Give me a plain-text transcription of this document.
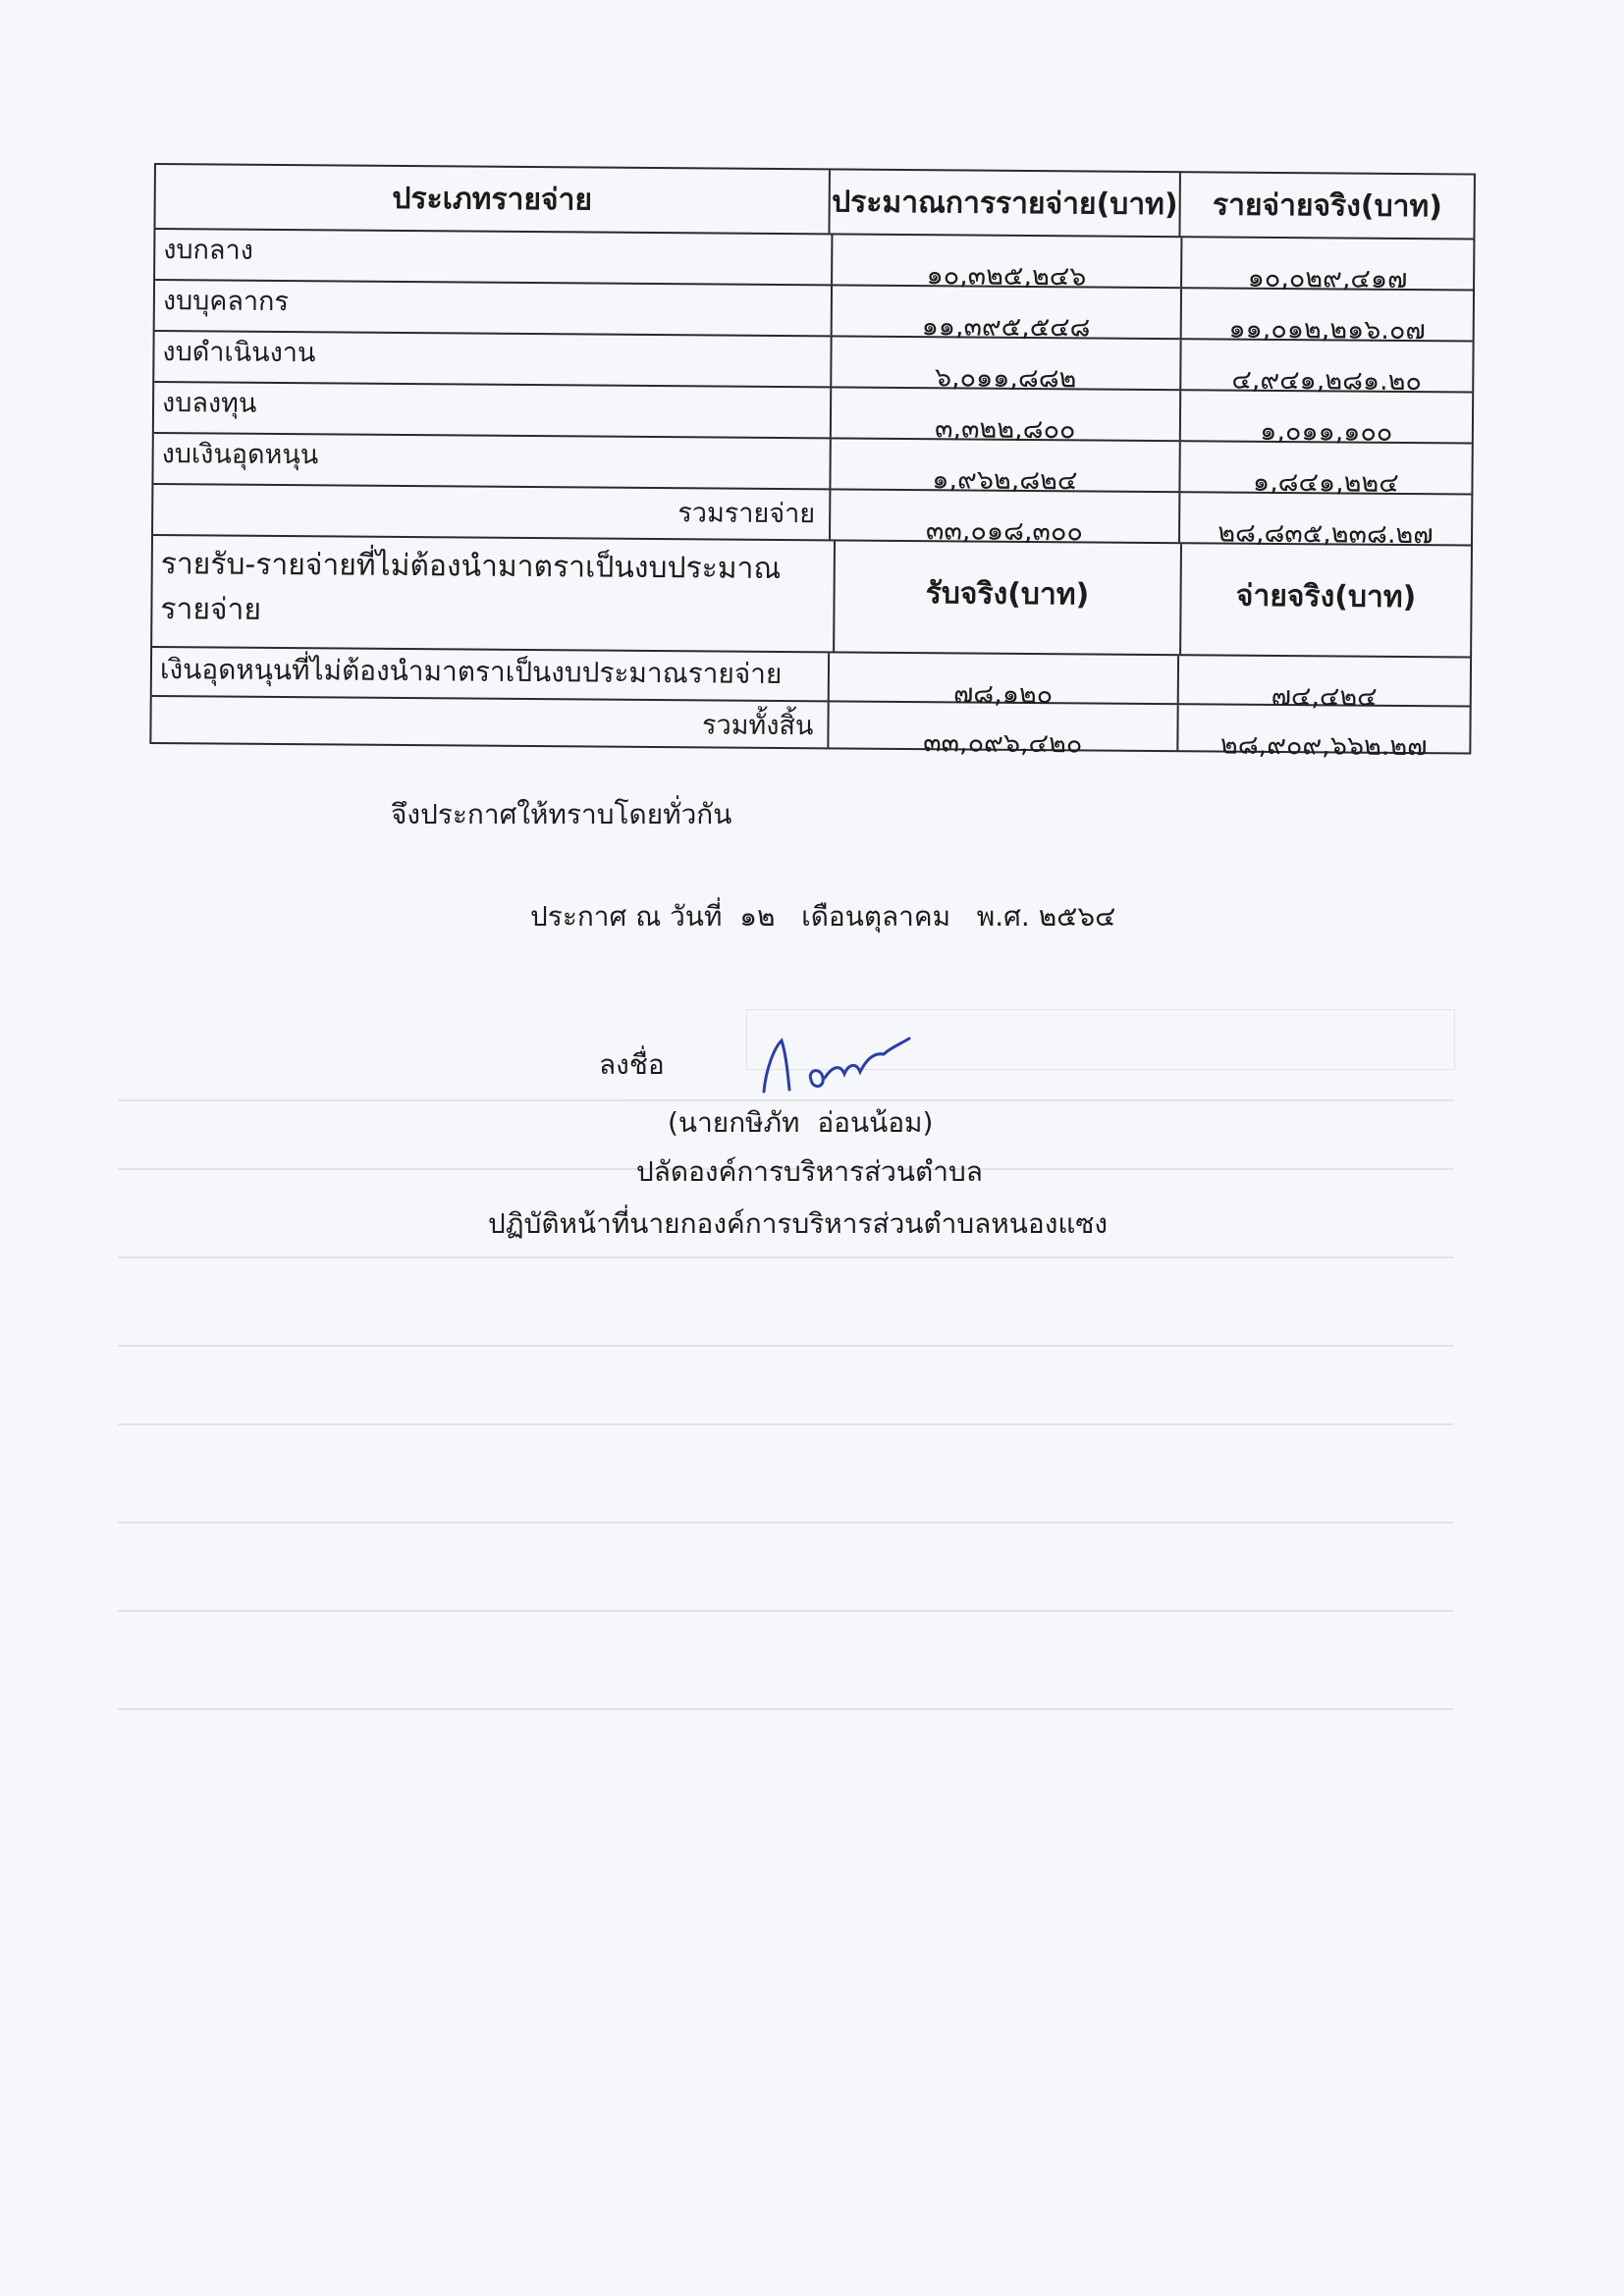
ประเภทรายจ่าย	ประมาณการรายจ่าย(บาท)	รายจ่ายจริง(บาท)
งบกลาง
๑๐,๓๒๕,๒๔๖	๑๐,๐๒๙,๔๑๗
งบบุคลากร
๑๑,๓๙๕,๕๔๘	๑๑,๐๑๒,๒๑๖.๐๗
งบดำเนินงาน
๖,๐๑๑,๘๘๒	๔,๙๔๑,๒๘๑.๒๐
งบลงทุน
๓,๓๒๒,๘๐๐	๑,๐๑๑,๑๐๐
งบเงินอุดหนุน
๑,๙๖๒,๘๒๔	๑,๘๔๑,๒๒๔
รวมรายจ่าย
๓๓,๐๑๘,๓๐๐	๒๘,๘๓๕,๒๓๘.๒๗
รายรับ-รายจ่ายที่ไม่ต้องนำมาตราเป็นงบประมาณรายจ่าย	รับจริง(บาท)	จ่ายจริง(บาท)
เงินอุดหนุนที่ไม่ต้องนำมาตราเป็นงบประมาณรายจ่าย
๗๘,๑๒๐	๗๔,๔๒๔
รวมทั้งสิ้น
๓๓,๐๙๖,๔๒๐	๒๘,๙๐๙,๖๖๒.๒๗
จึงประกาศให้ทราบโดยทั่วกัน
ประกาศ ณ วันที่  ๑๒   เดือนตุลาคม   พ.ศ. ๒๕๖๔
ลงชื่อ
(นายกษิภัท  อ่อนน้อม)
ปลัดองค์การบริหารส่วนตำบล
ปฏิบัติหน้าที่นายกองค์การบริหารส่วนตำบลหนองแซง
